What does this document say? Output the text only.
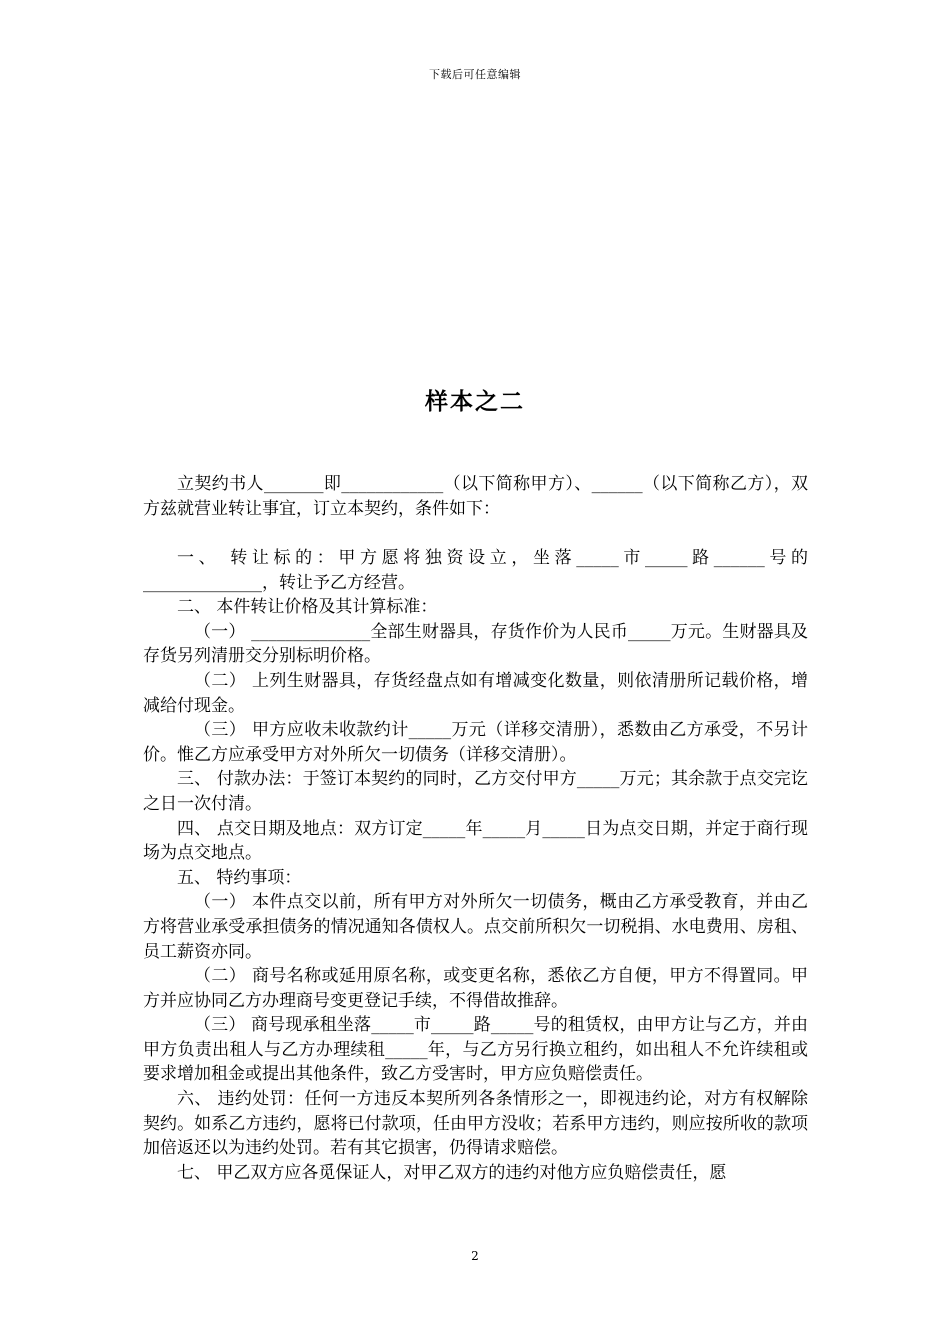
下载后可任意编辑
样本之二

立契约书人_______即____________（以下简称甲方）、______（以下简称乙方），双方兹就营业转让事宜，订立本契约，条件如下：

一、 转让标的：甲方愿将独资设立，坐落_____市_____路______号的______________，转让予乙方经营。

二、 本件转让价格及其计算标准：

（一） ______________全部生财器具，存货作价为人民币_____万元。生财器具及存货另列清册交分别标明价格。

（二） 上列生财器具，存货经盘点如有增减变化数量，则依清册所记载价格，增减给付现金。

（三） 甲方应收未收款约计_____万元（详移交清册），悉数由乙方承受，不另计价。惟乙方应承受甲方对外所欠一切债务（详移交清册）。

三、 付款办法：于签订本契约的同时，乙方交付甲方_____万元；其余款于点交完讫之日一次付清。

四、 点交日期及地点：双方订定_____年_____月_____日为点交日期，并定于商行现场为点交地点。

五、 特约事项：

（一） 本件点交以前，所有甲方对外所欠一切债务，概由乙方承受教育，并由乙方将营业承受承担债务的情况通知各债权人。点交前所积欠一切税捐、水电费用、房租、员工薪资亦同。

（二） 商号名称或延用原名称，或变更名称，悉依乙方自便，甲方不得置同。甲方并应协同乙方办理商号变更登记手续，不得借故推辞。

（三） 商号现承租坐落_____市_____路_____号的租赁权，由甲方让与乙方，并由甲方负责出租人与乙方办理续租_____年，与乙方另行换立租约，如出租人不允许续租或要求增加租金或提出其他条件，致乙方受害时，甲方应负赔偿责任。

六、 违约处罚：任何一方违反本契所列各条情形之一，即视违约论，对方有权解除契约。如系乙方违约，愿将已付款项，任由甲方没收；若系甲方违约，则应按所收的款项加倍返还以为违约处罚。若有其它损害，仍得请求赔偿。

七、 甲乙双方应各觅保证人，对甲乙双方的违约对他方应负赔偿责任，愿

2
